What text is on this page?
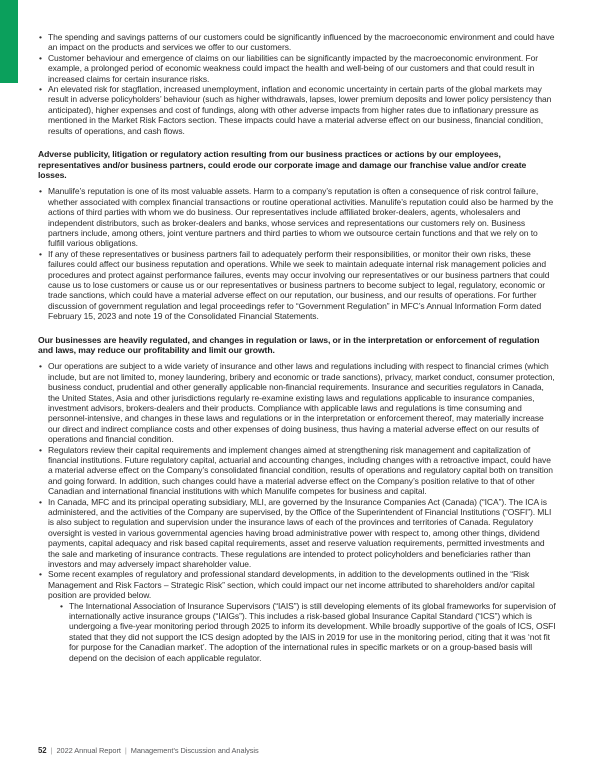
• The spending and savings patterns of our customers could be significantly influenced by the macroeconomic environment and could have an impact on the products and services we offer to our customers.
• Customer behaviour and emergence of claims on our liabilities can be significantly impacted by the macroeconomic environment. For example, a prolonged period of economic weakness could impact the health and well-being of our customers and that could result in increased claims for certain insurance risks.
• An elevated risk for stagflation, increased unemployment, inflation and economic uncertainty in certain parts of the global markets may result in adverse policyholders’ behaviour (such as higher withdrawals, lapses, lower premium deposits and lower policy persistency than anticipated), higher expenses and cost of fundings, along with other adverse impacts from higher rates due to inflationary pressure as mentioned in the Market Risk Factors section. These impacts could have a material adverse effect on our business, financial condition, results of operations, and cash flows.
Adverse publicity, litigation or regulatory action resulting from our business practices or actions by our employees, representatives and/or business partners, could erode our corporate image and damage our franchise value and/or create losses.
• Manulife’s reputation is one of its most valuable assets. Harm to a company’s reputation is often a consequence of risk control failure, whether associated with complex financial transactions or routine operational activities. Manulife’s reputation could also be harmed by the actions of third parties with whom we do business. Our representatives include affiliated broker-dealers, agents, wholesalers and independent distributors, such as broker-dealers and banks, whose services and representations our customers rely on. Business partners include, among others, joint venture partners and third parties to whom we outsource certain functions and that we rely on to fulfill various obligations.
• If any of these representatives or business partners fail to adequately perform their responsibilities, or monitor their own risks, these failures could affect our business reputation and operations. While we seek to maintain adequate internal risk management policies and procedures and protect against performance failures, events may occur involving our representatives or our business partners that could cause us to lose customers or cause us or our representatives or business partners to become subject to legal, regulatory, economic or trade sanctions, which could have a material adverse effect on our reputation, our business, and our results of operations. For further discussion of government regulation and legal proceedings refer to “Government Regulation” in MFC’s Annual Information Form dated February 15, 2023 and note 19 of the Consolidated Financial Statements.
Our businesses are heavily regulated, and changes in regulation or laws, or in the interpretation or enforcement of regulation and laws, may reduce our profitability and limit our growth.
• Our operations are subject to a wide variety of insurance and other laws and regulations including with respect to financial crimes (which include, but are not limited to, money laundering, bribery and economic or trade sanctions), privacy, market conduct, consumer protection, business conduct, prudential and other generally applicable non-financial requirements. Insurance and securities regulators in Canada, the United States, Asia and other jurisdictions regularly re-examine existing laws and regulations applicable to insurance companies, investment advisors, brokers-dealers and their products. Compliance with applicable laws and regulations is time consuming and personnel-intensive, and changes in these laws and regulations or in the interpretation or enforcement thereof, may materially increase our direct and indirect compliance costs and other expenses of doing business, thus having a material adverse effect on our results of operations and financial condition.
• Regulators review their capital requirements and implement changes aimed at strengthening risk management and capitalization of financial institutions. Future regulatory capital, actuarial and accounting changes, including changes with a retroactive impact, could have a material adverse effect on the Company’s consolidated financial condition, results of operations and regulatory capital both on transition and going forward. In addition, such changes could have a material adverse effect on the Company’s position relative to that of other Canadian and international financial institutions with which Manulife competes for business and capital.
• In Canada, MFC and its principal operating subsidiary, MLI, are governed by the Insurance Companies Act (Canada) (“ICA”). The ICA is administered, and the activities of the Company are supervised, by the Office of the Superintendent of Financial Institutions (“OSFI”). MLI is also subject to regulation and supervision under the insurance laws of each of the provinces and territories of Canada. Regulatory oversight is vested in various governmental agencies having broad administrative power with respect to, among other things, dividend payments, capital adequacy and risk based capital requirements, asset and reserve valuation requirements, permitted investments and the sale and marketing of insurance contracts. These regulations are intended to protect policyholders and beneficiaries rather than investors and may adversely impact shareholder value.
• Some recent examples of regulatory and professional standard developments, in addition to the developments outlined in the “Risk Management and Risk Factors – Strategic Risk” section, which could impact our net income attributed to shareholders and/or capital position are provided below.
• The International Association of Insurance Supervisors (“IAIS”) is still developing elements of its global frameworks for supervision of internationally active insurance groups (“IAIGs”). This includes a risk-based global Insurance Capital Standard (“ICS”) which is undergoing a five-year monitoring period through 2025 to inform its development. While broadly supportive of the goals of ICS, OSFI stated that they did not support the ICS design adopted by the IAIS in 2019 for use in the monitoring period, citing that it was ‘not fit for purpose for the Canadian market’. The adoption of the international rules in specific markets or on a group-based basis will depend on the decision of each applicable regulator.
52 | 2022 Annual Report | Management’s Discussion and Analysis
